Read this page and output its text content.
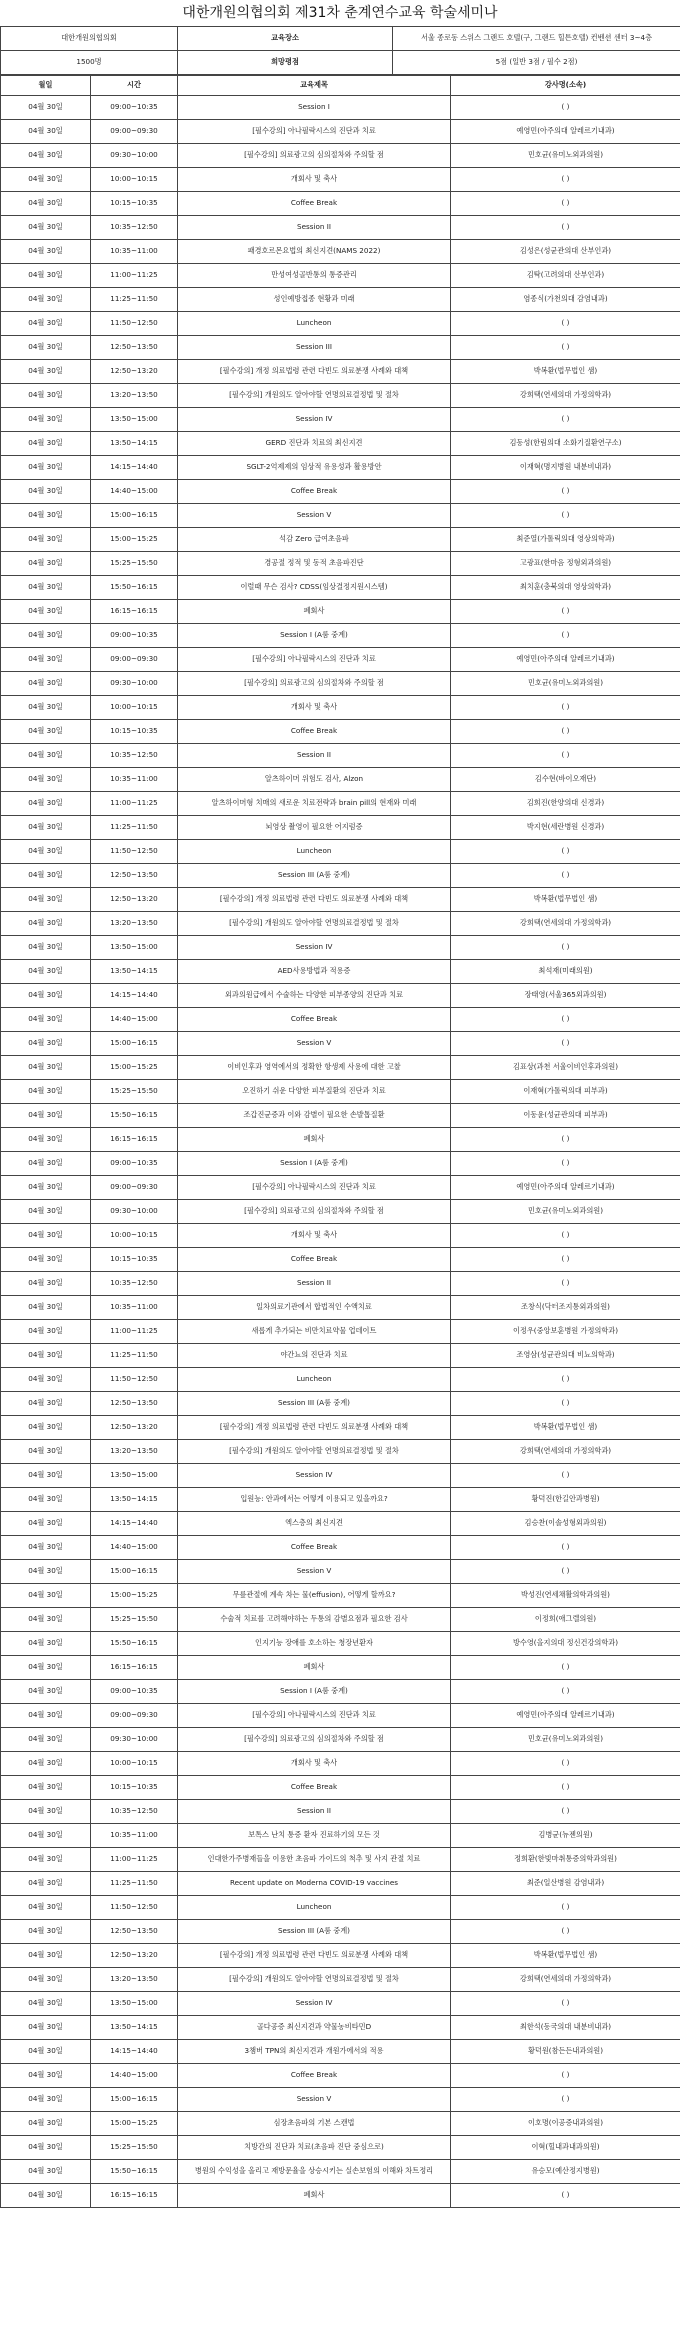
대한개원의협의회 제31차 춘계연수교육 학술세미나
대한개원의협의회	교육장소	서울 종로동 스위스 그랜드 호텔(구, 그랜드 힐튼호텔) 컨벤션 센터 3~4층
1500명	희망평점	5점 (일반 3점 / 필수 2점)
월일	시간	교육제목	강사명(소속)
04월 30일	09:00~10:35	Session I	( )
04월 30일	09:00~09:30	[필수강의] 아나필락시스의 진단과 치료	예영민(아주의대 알레르기내과)
04월 30일	09:30~10:00	[필수강의] 의료광고의 심의절차와 주의할 점	민호균(유미노외과의원)
04월 30일	10:00~10:15	개회사 및 축사	( )
04월 30일	10:15~10:35	Coffee Break	( )
04월 30일	10:35~12:50	Session II	( )
04월 30일	10:35~11:00	패경호르몬요법의 최신지견(NAMS 2022)	김성은(성균관의대 산부인과)
04월 30일	11:00~11:25	만성여성골반통의 통증관리	김탁(고려의대 산부인과)
04월 30일	11:25~11:50	성인예방접종 현황과 미래	염종식(가천의대 감염내과)
04월 30일	11:50~12:50	Luncheon	( )
04월 30일	12:50~13:50	Session III	( )
04월 30일	12:50~13:20	[필수강의] 개정 의료법령 관련 다빈도 의료분쟁 사례와 대책	박복환(법무법인 샘)
04월 30일	13:20~13:50	[필수강의] 개원의도 알아야할 연명의료결정법 및 절차	강희택(연세의대 가정의학과)
04월 30일	13:50~15:00	Session IV	( )
04월 30일	13:50~14:15	GERD 진단과 치료의 최신지견	김동성(한림의대 소화기질환연구소)
04월 30일	14:15~14:40	SGLT-2억제제의 임상적 유용성과 활용방안	이재혁(명지병원 내분비내과)
04월 30일	14:40~15:00	Coffee Break	( )
04월 30일	15:00~16:15	Session V	( )
04월 30일	15:00~15:25	석감 Zero 급여초음파	최준열(가톨릭의대 영상의학과)
04월 30일	15:25~15:50	경공절 정적 및 동적 초음파진단	고광표(한마음 정형외과의원)
04월 30일	15:50~16:15	이럴때 무슨 검사? CDSS(임상결정지원시스템)	최치훈(충북의대 영상의학과)
04월 30일	16:15~16:15	폐회사	( )
04월 30일	09:00~10:35	Session I (A룸 중계)	( )
04월 30일	09:00~09:30	[필수강의] 아나필락시스의 진단과 치료	예영민(아주의대 알레르기내과)
04월 30일	09:30~10:00	[필수강의] 의료광고의 심의절차와 주의할 점	민호균(유미노외과의원)
04월 30일	10:00~10:15	개회사 및 축사	( )
04월 30일	10:15~10:35	Coffee Break	( )
04월 30일	10:35~12:50	Session II	( )
04월 30일	10:35~11:00	알츠하이머 위험도 검사, Alzon	김수현(바이오재단)
04월 30일	11:00~11:25	알츠하이머형 치매의 새로운 치료전략과 brain pill의 현재와 미래	김희진(한양의대 신경과)
04월 30일	11:25~11:50	뇌영상 촬영이 필요한 어지럼증	박지현(세란병원 신경과)
04월 30일	11:50~12:50	Luncheon	( )
04월 30일	12:50~13:50	Session III (A룸 중계)	( )
04월 30일	12:50~13:20	[필수강의] 개정 의료법령 관련 다빈도 의료분쟁 사례와 대책	박복환(법무법인 샘)
04월 30일	13:20~13:50	[필수강의] 개원의도 알아야할 연명의료결정법 및 절차	강희택(연세의대 가정의학과)
04월 30일	13:50~15:00	Session IV	( )
04월 30일	13:50~14:15	AED사용방법과 적용증	최석재(미래의원)
04월 30일	14:15~14:40	외과의원급에서 수술하는 다양한 피부종양의 진단과 치료	장태영(서울365외과의원)
04월 30일	14:40~15:00	Coffee Break	( )
04월 30일	15:00~16:15	Session V	( )
04월 30일	15:00~15:25	이비인후과 영역에서의 정확한 항생제 사용에 대한 고찰	김표상(과천 서울이비인후과의원)
04월 30일	15:25~15:50	오진하기 쉬운 다양한 피부질환의 진단과 치료	이재혁(가톨릭의대 피부과)
04월 30일	15:50~16:15	조갑진균증과 이와 감별이 필요한 손발톱질환	이동윤(성균관의대 피부과)
04월 30일	16:15~16:15	폐회사	( )
04월 30일	09:00~10:35	Session I (A룸 중계)	( )
04월 30일	09:00~09:30	[필수강의] 아나필락시스의 진단과 치료	예영민(아주의대 알레르기내과)
04월 30일	09:30~10:00	[필수강의] 의료광고의 심의절차와 주의할 점	민호균(유미노외과의원)
04월 30일	10:00~10:15	개회사 및 축사	( )
04월 30일	10:15~10:35	Coffee Break	( )
04월 30일	10:35~12:50	Session II	( )
04월 30일	10:35~11:00	일차의료기관에서 합법적인 수액치료	조창식(닥터조지통외과의원)
04월 30일	11:00~11:25	새롭게 추가되는 비만치료약물 업데이트	이정우(중앙보훈병원 가정의학과)
04월 30일	11:25~11:50	야간뇨의 진단과 치료	조영삼(성균관의대 비뇨의학과)
04월 30일	11:50~12:50	Luncheon	( )
04월 30일	12:50~13:50	Session III (A룸 중계)	( )
04월 30일	12:50~13:20	[필수강의] 개정 의료법령 관련 다빈도 의료분쟁 사례와 대책	박복환(법무법인 샘)
04월 30일	13:20~13:50	[필수강의] 개원의도 알아야할 연명의료결정법 및 절차	강희택(연세의대 가정의학과)
04월 30일	13:50~15:00	Session IV	( )
04월 30일	13:50~14:15	입원능: 안과에서는 어떻게 이용되고 있을까요?	황덕진(한길안과병원)
04월 30일	14:15~14:40	엑스층의 최신지견	김승찬(이솔성형외과의원)
04월 30일	14:40~15:00	Coffee Break	( )
04월 30일	15:00~16:15	Session V	( )
04월 30일	15:00~15:25	무릎관절에 계속 차는 물(effusion), 어떻게 할까요?	박성진(연세채활의학과의원)
04월 30일	15:25~15:50	수술적 치료를 고려해야하는 두통의 감별요점과 필요한 검사	이정희(애그렐의원)
04월 30일	15:50~16:15	인지기능 장애를 호소하는 청장년환자	방수영(을지의대 정신건강의학과)
04월 30일	16:15~16:15	폐회사	( )
04월 30일	09:00~10:35	Session I (A룸 중계)	( )
04월 30일	09:00~09:30	[필수강의] 아나필락시스의 진단과 치료	예영민(아주의대 알레르기내과)
04월 30일	09:30~10:00	[필수강의] 의료광고의 심의절차와 주의할 점	민호균(유미노외과의원)
04월 30일	10:00~10:15	개회사 및 축사	( )
04월 30일	10:15~10:35	Coffee Break	( )
04월 30일	10:35~12:50	Session II	( )
04월 30일	10:35~11:00	보톡스 난치 통증 환자 진료하기의 모든 것	김병균(뉴젠의원)
04월 30일	11:00~11:25	인대한가주병재들을 이용한 초음파 가이드의 척추 및 사지 관절 치료	정희환(한빛마취통증의학과의원)
04월 30일	11:25~11:50	Recent update on Moderna COVID-19 vaccines	최준(일산병원 감염내과)
04월 30일	11:50~12:50	Luncheon	( )
04월 30일	12:50~13:50	Session III (A룸 중계)	( )
04월 30일	12:50~13:20	[필수강의] 개정 의료법령 관련 다빈도 의료분쟁 사례와 대책	박복환(법무법인 샘)
04월 30일	13:20~13:50	[필수강의] 개원의도 알아야할 연명의료결정법 및 절차	강희택(연세의대 가정의학과)
04월 30일	13:50~15:00	Session IV	( )
04월 30일	13:50~14:15	골다공증 최신지견과 약물농비타민D	최한석(동국의대 내분비내과)
04월 30일	14:15~14:40	3챔버 TPN의 최신지견과 개원가에서의 적용	황덕원(참든든내과의원)
04월 30일	14:40~15:00	Coffee Break	( )
04월 30일	15:00~16:15	Session V	( )
04월 30일	15:00~15:25	심장초음파의 기본 스캔법	이호명(이공증내과의원)
04월 30일	15:25~15:50	치방간의 진단과 치료(초음파 진단 중심으로)	이혁(힐내과내과의원)
04월 30일	15:50~16:15	병원의 수익성을 올리고 재방문율을 상승시키는 실손보험의 이해와 차트정리	유승모(예산정지병원)
04월 30일	16:15~16:15	폐회사	( )
